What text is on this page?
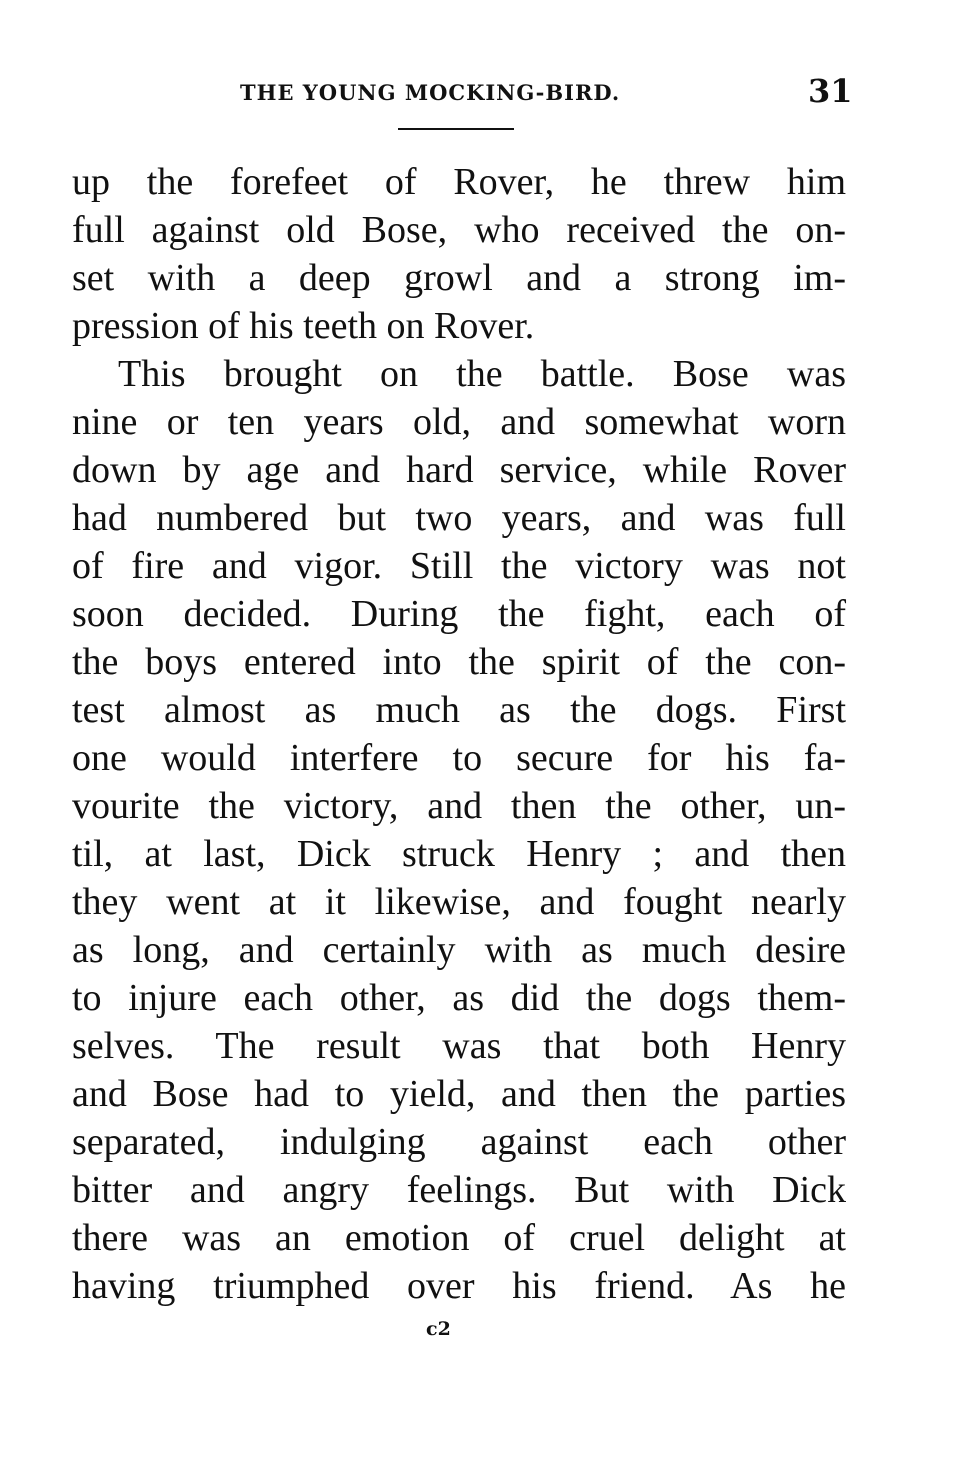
THE YOUNG MOCKING-BIRD.	31
up the forefeet of Rover, he threw him
full against old Bose, who received the on-
set with a deep growl and a strong im-
pression of his teeth on Rover.
This brought on the battle. Bose was
nine or ten years old, and somewhat worn
down by age and hard service, while Rover
had numbered but two years, and was full
of fire and vigor. Still the victory was not
soon decided. During the fight, each of
the boys entered into the spirit of the con-
test almost as much as the dogs. First
one would interfere to secure for his fa-
vourite the victory, and then the other, un-
til, at last, Dick struck Henry ; and then
they went at it likewise, and fought nearly
as long, and certainly with as much desire
to injure each other, as did the dogs them-
selves. The result was that both Henry
and Bose had to yield, and then the parties
separated, indulging against each other
bitter and angry feelings. But with Dick
there was an emotion of cruel delight at
having triumphed over his friend. As he
c2
